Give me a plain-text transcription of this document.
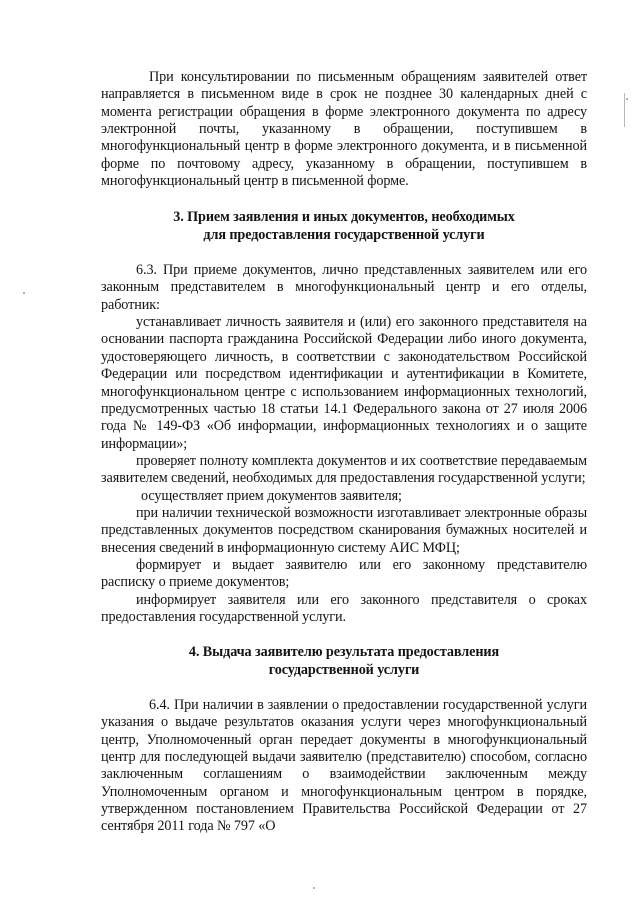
При консультировании по письменным обращениям заявителей ответ направляется в письменном виде в срок не позднее 30 календарных дней с момента регистрации обращения в форме электронного документа по адресу электронной почты, указанному в обращении, поступившем в многофункциональный центр в форме электронного документа, и в письменной форме по почтовому адресу, указанному в обращении, поступившем в многофункциональный центр в письменной форме.

3. Прием заявления и иных документов, необходимых

для предоставления государственной услуги

6.3. При приеме документов, лично представленных заявителем или его законным представителем в многофункциональный центр и его отделы, работник:

устанавливает личность заявителя и (или) его законного представителя на основании паспорта гражданина Российской Федерации либо иного документа, удостоверяющего личность, в соответствии с законодательством Российской Федерации или посредством идентификации и аутентификации в Комитете, многофункциональном центре с использованием информационных технологий, предусмотренных частью 18 статьи 14.1 Федерального закона от 27 июля 2006 года № 149-ФЗ «Об информации, информационных технологиях и о защите информации»;

проверяет полноту комплекта документов и их соответствие передаваемым заявителем сведений, необходимых для предоставления государственной услуги;

осуществляет прием документов заявителя;

при наличии технической возможности изготавливает электронные образы представленных документов посредством сканирования бумажных носителей и внесения сведений в информационную систему АИС МФЦ;

формирует и выдает заявителю или его законному представителю расписку о приеме документов;

информирует заявителя или его законного представителя о сроках предоставления государственной услуги.

4. Выдача заявителю результата предоставления

государственной услуги

6.4. При наличии в заявлении о предоставлении государственной услуги указания о выдаче результатов оказания услуги через многофункциональный центр, Уполномоченный орган передает документы в многофункциональный центр для последующей выдачи заявителю (представителю) способом, согласно заключенным соглашениям о взаимодействии заключенным между Уполномоченным органом и многофункциональным центром в порядке, утвержденном постановлением Правительства Российской Федерации от 27 сентября 2011 года № 797 «О
